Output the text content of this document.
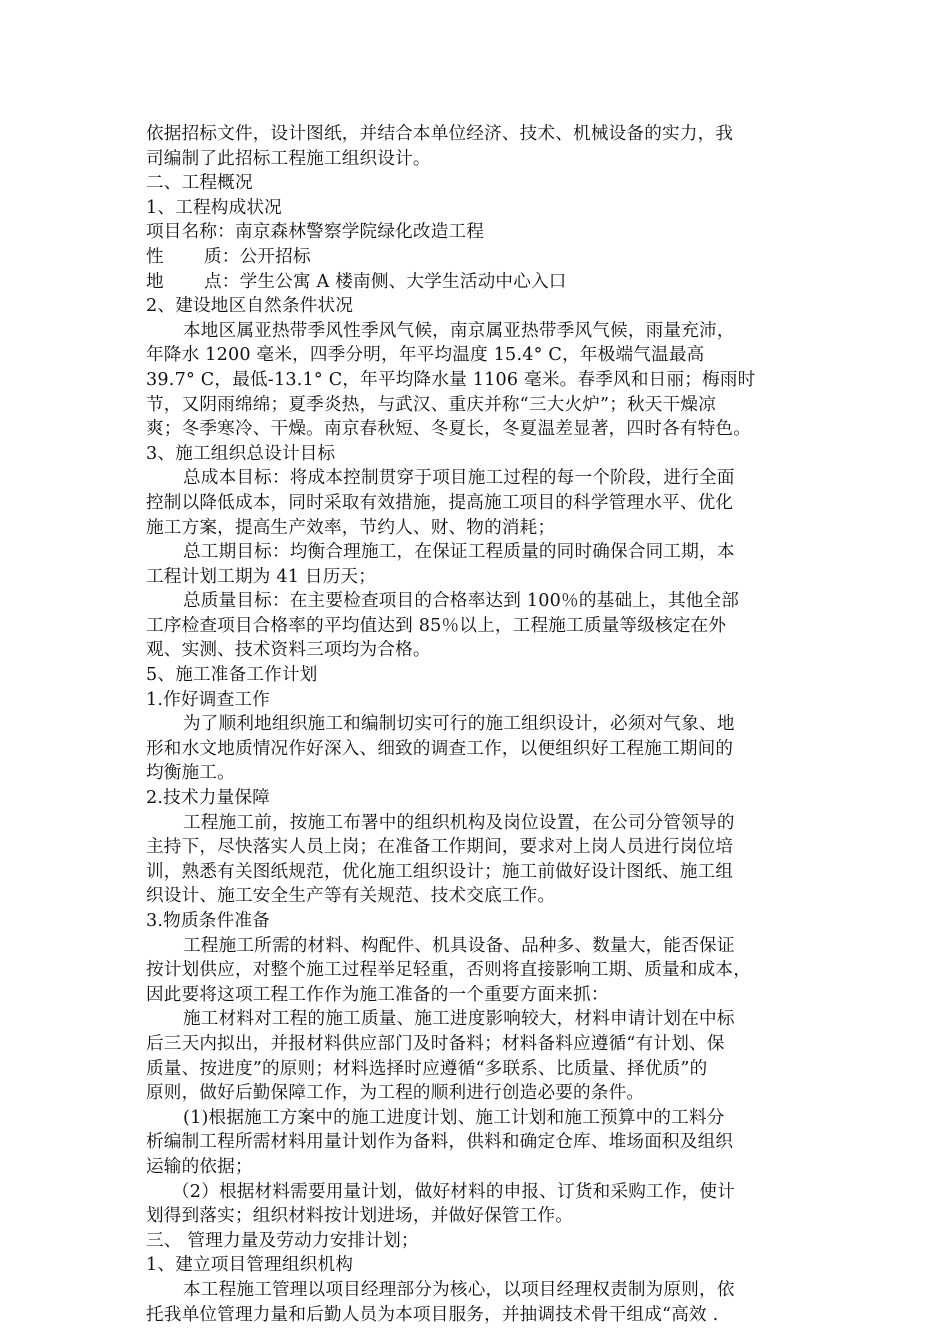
依据招标文件，设计图纸，并结合本单位经济、技术、机械设备的实力，我

司编制了此招标工程施工组织设计。

二、工程概况

1、工程构成状况

项目名称：南京森林警察学院绿化改造工程

性 质：公开招标

地 点：学生公寓 A 楼南侧、大学生活动中心入口

2、建设地区自然条件状况

本地区属亚热带季风性季风气候，南京属亚热带季风气候，雨量充沛，

年降水 1200 毫米，四季分明，年平均温度 15.4° C，年极端气温最高

39.7° C，最低-13.1° C，年平均降水量 1106 毫米。春季风和日丽；梅雨时

节，又阴雨绵绵；夏季炎热，与武汉、重庆并称“三大火炉”；秋天干燥凉

爽；冬季寒冷、干燥。南京春秋短、冬夏长，冬夏温差显著，四时各有特色。

3、施工组织总设计目标

总成本目标：将成本控制贯穿于项目施工过程的每一个阶段，进行全面

控制以降低成本，同时采取有效措施，提高施工项目的科学管理水平、优化

施工方案，提高生产效率，节约人、财、物的消耗；

总工期目标：均衡合理施工，在保证工程质量的同时确保合同工期，本

工程计划工期为 41 日历天；

总质量目标：在主要检查项目的合格率达到 100％的基础上，其他全部

工序检查项目合格率的平均值达到 85％以上，工程施工质量等级核定在外

观、实测、技术资料三项均为合格。

5、施工准备工作计划

1.作好调查工作

为了顺利地组织施工和编制切实可行的施工组织设计，必须对气象、地

形和水文地质情况作好深入、细致的调查工作，以便组织好工程施工期间的

均衡施工。

2.技术力量保障

工程施工前，按施工布署中的组织机构及岗位设置，在公司分管领导的

主持下，尽快落实人员上岗；在准备工作期间，要求对上岗人员进行岗位培

训，熟悉有关图纸规范，优化施工组织设计；施工前做好设计图纸、施工组

织设计、施工安全生产等有关规范、技术交底工作。

3.物质条件准备

工程施工所需的材料、构配件、机具设备、品种多、数量大，能否保证

按计划供应，对整个施工过程举足轻重，否则将直接影响工期、质量和成本，

因此要将这项工程工作作为施工准备的一个重要方面来抓：

施工材料对工程的施工质量、施工进度影响较大，材料申请计划在中标

后三天内拟出，并报材料供应部门及时备料；材料备料应遵循“有计划、保

质量、按进度”的原则；材料选择时应遵循“多联系、比质量、择优质”的

原则，做好后勤保障工作，为工程的顺利进行创造必要的条件。

(1)根据施工方案中的施工进度计划、施工计划和施工预算中的工料分

析编制工程所需材料用量计划作为备料，供料和确定仓库、堆场面积及组织

运输的依据；

（2）根据材料需要用量计划，做好材料的申报、订货和采购工作，使计

划得到落实；组织材料按计划进场，并做好保管工作。

三、 管理力量及劳动力安排计划；

1、建立项目管理组织机构

本工程施工管理以项目经理部分为核心，以项目经理权责制为原则，依

托我单位管理力量和后勤人员为本项目服务，并抽调技术骨干组成“高效 .
